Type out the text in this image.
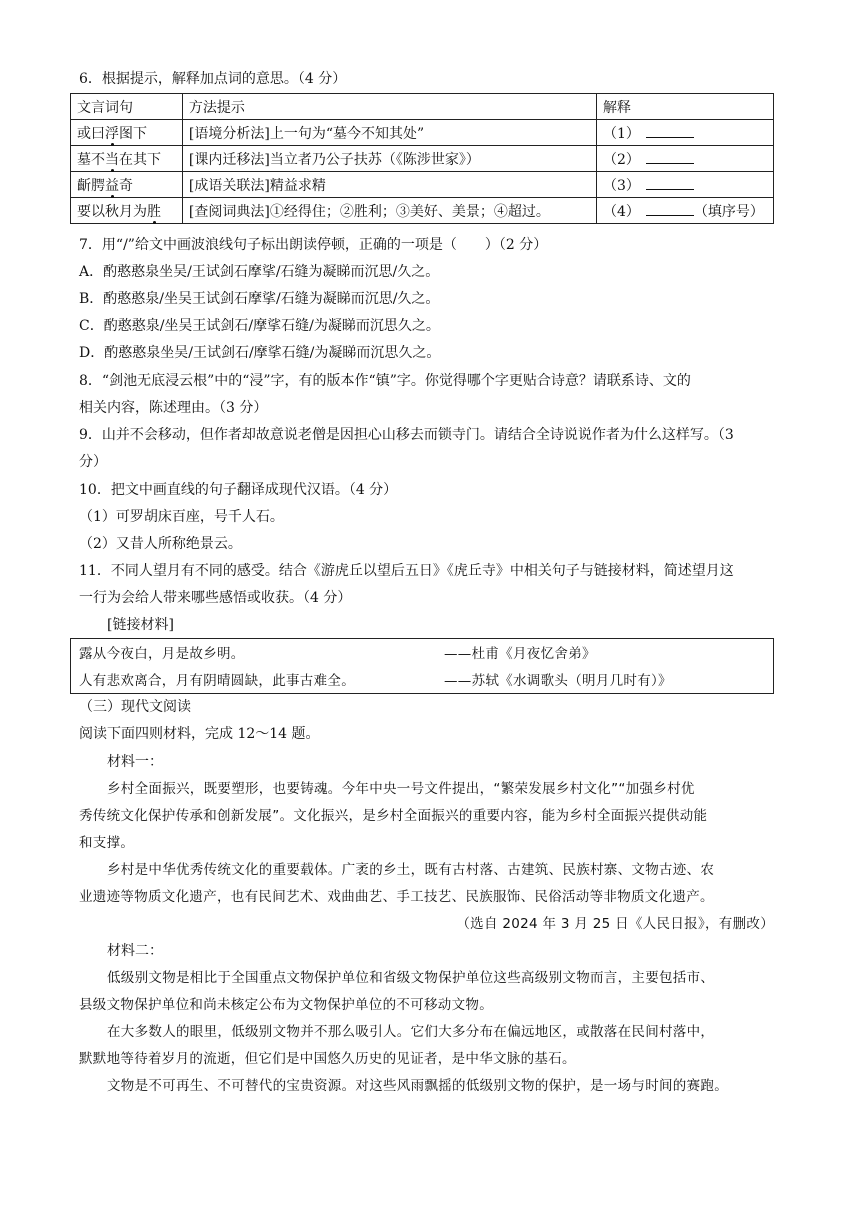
6．根据提示，解释加点词的意思。（4 分）
文言词句	方法提示	解释
或曰浮图下	[语境分析法]上一句为“墓今不知其处”	（1）
墓不当在其下	[课内迁移法]当立者乃公子扶苏（《陈涉世家》）	（2）
齗腭益奇	[成语关联法]精益求精	（3）
要以秋月为胜	[查阅词典法]①经得住；②胜利；③美好、美景；④超过。	（4） （填序号）
7．用“/”给文中画波浪线句子标出朗读停顿，正确的一项是（　　）（2 分）
A．酌憨憨泉坐吴/王试剑石摩挲/石缝为凝睇而沉思/久之。
B．酌憨憨泉/坐吴王试剑石摩挲/石缝为凝睇而沉思/久之。
C．酌憨憨泉/坐吴王试剑石/摩挲石缝/为凝睇而沉思久之。
D．酌憨憨泉坐吴/王试剑石/摩挲石缝/为凝睇而沉思久之。
8．“剑池无底浸云根”中的“浸”字，有的版本作“镇”字。你觉得哪个字更贴合诗意？请联系诗、文的
相关内容，陈述理由。（3 分）
9．山并不会移动，但作者却故意说老僧是因担心山移去而锁寺门。请结合全诗说说作者为什么这样写。（3
分）
10．把文中画直线的句子翻译成现代汉语。（4 分）
（1）可罗胡床百座，号千人石。
（2）又昔人所称绝景云。
11．不同人望月有不同的感受。结合《游虎丘以望后五日》《虎丘寺》中相关句子与链接材料，简述望月这
一行为会给人带来哪些感悟或收获。（4 分）
[链接材料]
露从今夜白，月是故乡明。	——杜甫《月夜忆舍弟》
人有悲欢离合，月有阴晴圆缺，此事古难全。	——苏轼《水调歌头（明月几时有）》
（三）现代文阅读
阅读下面四则材料，完成 12～14 题。
材料一：
乡村全面振兴，既要塑形，也要铸魂。今年中央一号文件提出，“繁荣发展乡村文化”“加强乡村优
秀传统文化保护传承和创新发展”。文化振兴，是乡村全面振兴的重要内容，能为乡村全面振兴提供动能
和支撑。
乡村是中华优秀传统文化的重要载体。广袤的乡土，既有古村落、古建筑、民族村寨、文物古迹、农
业遗迹等物质文化遗产，也有民间艺术、戏曲曲艺、手工技艺、民族服饰、民俗活动等非物质文化遗产。
（选自 2024 年 3 月 25 日《人民日报》，有删改）
材料二：
低级别文物是相比于全国重点文物保护单位和省级文物保护单位这些高级别文物而言，主要包括市、
县级文物保护单位和尚未核定公布为文物保护单位的不可移动文物。
在大多数人的眼里，低级别文物并不那么吸引人。它们大多分布在偏远地区，或散落在民间村落中，
默默地等待着岁月的流逝，但它们是中国悠久历史的见证者，是中华文脉的基石。
文物是不可再生、不可替代的宝贵资源。对这些风雨飘摇的低级别文物的保护，是一场与时间的赛跑。
